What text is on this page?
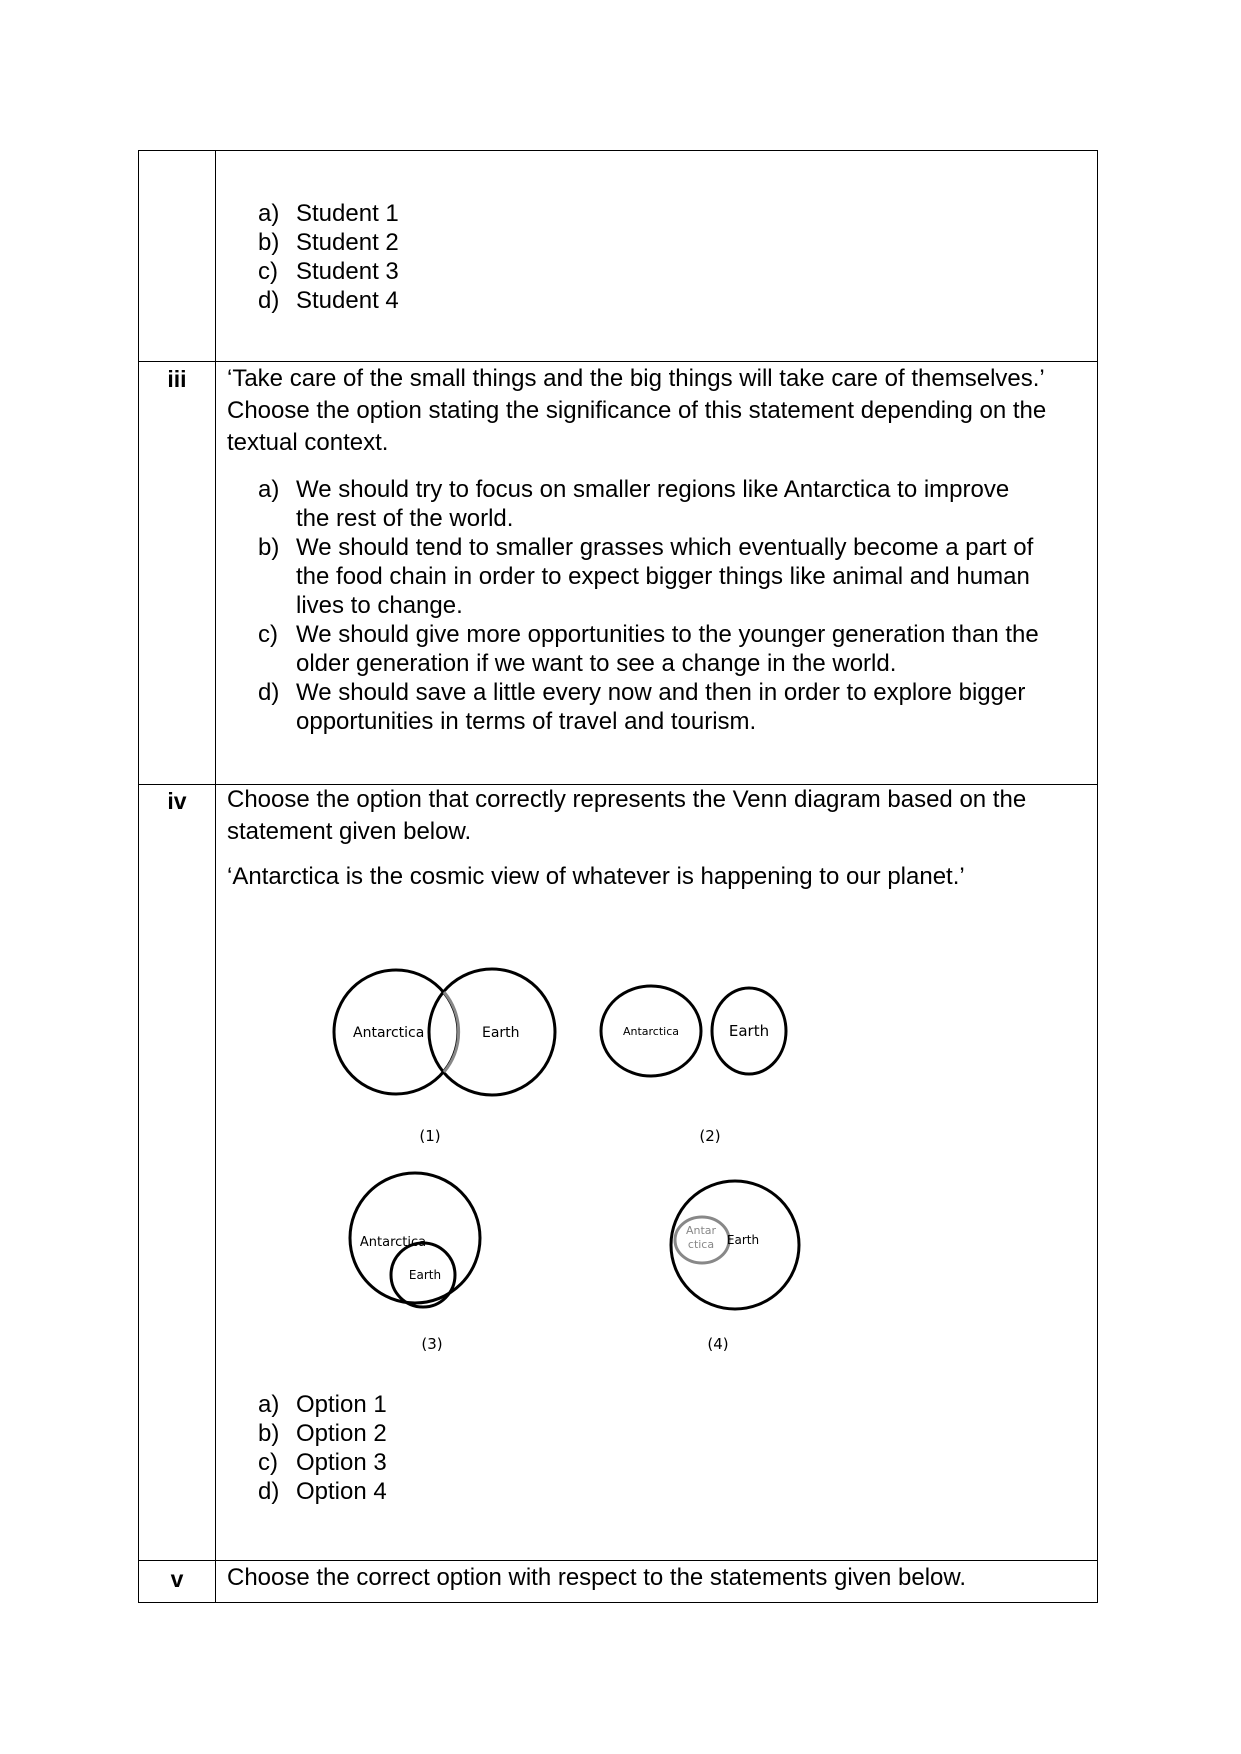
a) Student 1
b) Student 2
c) Student 3
d) Student 4
iii	‘Take care of the small things and the big things will take care of themselves.’
Choose the option stating the significance of this statement depending on the
textual context.
a) We should try to focus on smaller regions like Antarctica to improve
the rest of the world.
b) We should tend to smaller grasses which eventually become a part of
the food chain in order to expect bigger things like animal and human
lives to change.
c) We should give more opportunities to the younger generation than the
older generation if we want to see a change in the world.
d) We should save a little every now and then in order to explore bigger
opportunities in terms of travel and tourism.
iv	Choose the option that correctly represents the Venn diagram based on the
statement given below.
‘Antarctica is the cosmic view of whatever is happening to our planet.’
Antarctica	Earth
(1)
Antarctica	Earth
(2)
Antarctica
Earth
(3)
Antar
ctica Earth
(4)
a) Option 1
b) Option 2
c) Option 3
d) Option 4
v	Choose the correct option with respect to the statements given below.
